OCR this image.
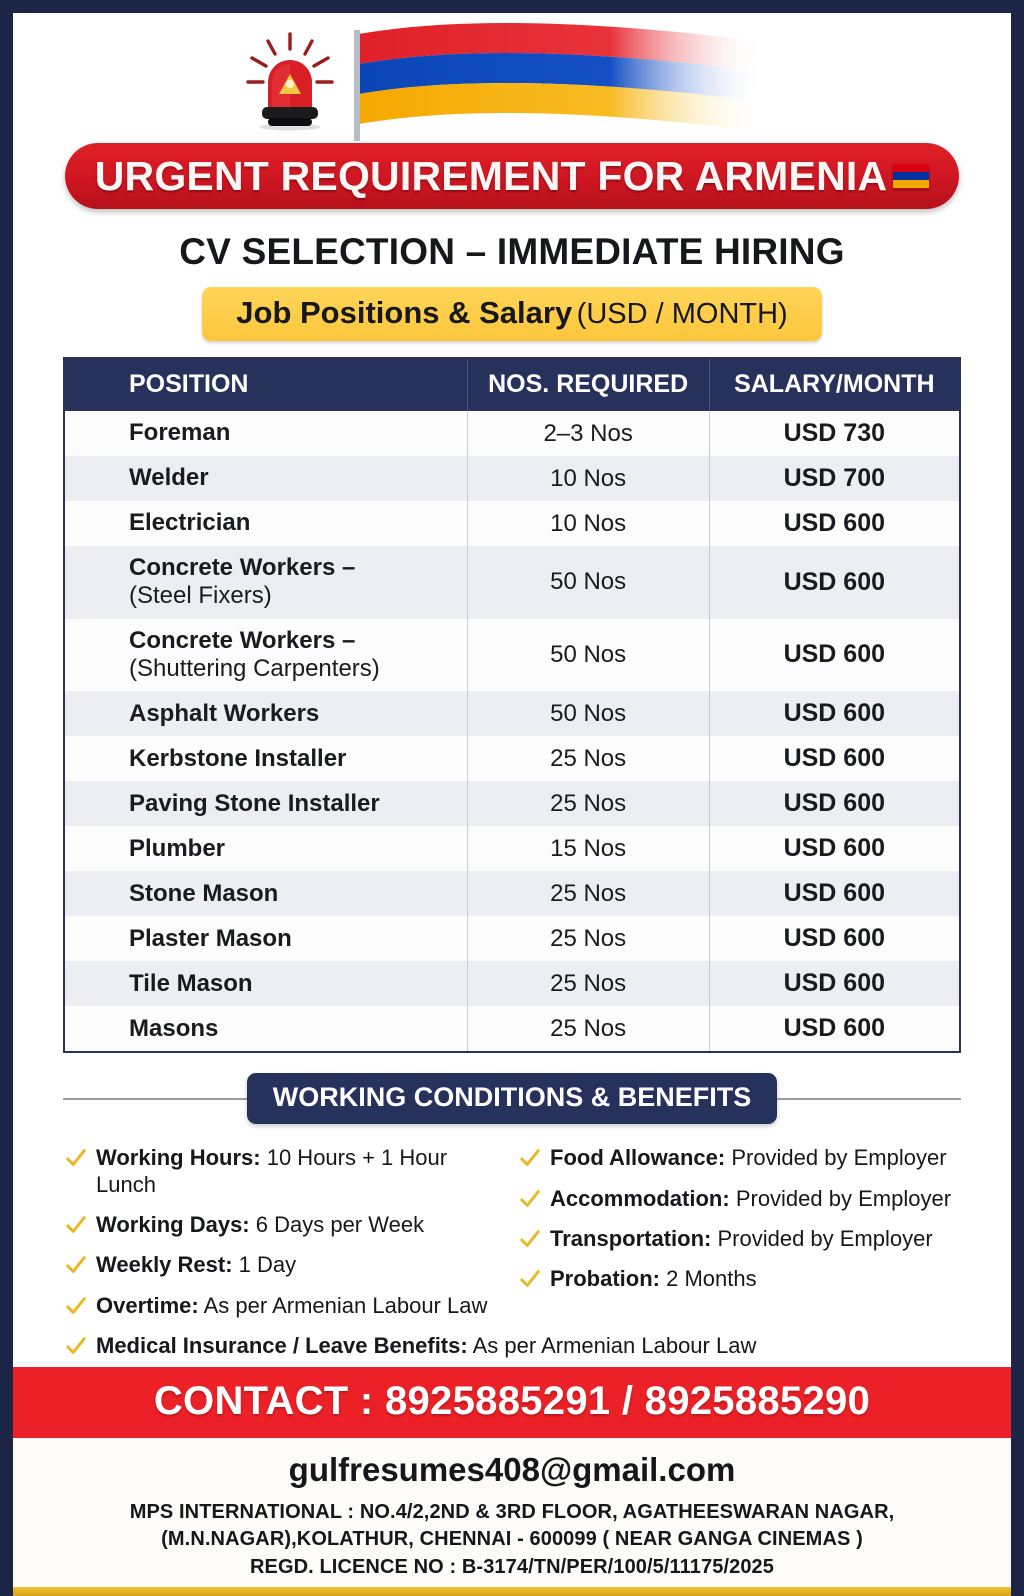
URGENT REQUIREMENT FOR ARMENIA
CV SELECTION – IMMEDIATE HIRING
Job Positions & Salary (USD / MONTH)
POSITION	NOS. REQUIRED	SALARY/MONTH
Foreman	2–3 Nos	USD 730
Welder	10 Nos	USD 700
Electrician	10 Nos	USD 600
Concrete Workers –
(Steel Fixers)	50 Nos	USD 600
Concrete Workers –
(Shuttering Carpenters)	50 Nos	USD 600
Asphalt Workers	50 Nos	USD 600
Kerbstone Installer	25 Nos	USD 600
Paving Stone Installer	25 Nos	USD 600
Plumber	15 Nos	USD 600
Stone Mason	25 Nos	USD 600
Plaster Mason	25 Nos	USD 600
Tile Mason	25 Nos	USD 600
Masons	25 Nos	USD 600
WORKING CONDITIONS & BENEFITS
Working Hours: 10 Hours + 1 Hour Lunch
Working Days: 6 Days per Week
Weekly Rest: 1 Day
Overtime: As per Armenian Labour Law
Food Allowance: Provided by Employer
Accommodation: Provided by Employer
Transportation: Provided by Employer
Probation: 2 Months
Medical Insurance / Leave Benefits: As per Armenian Labour Law
CONTACT : 8925885291 / 8925885290
gulfresumes408@gmail.com
MPS INTERNATIONAL : NO.4/2,2ND & 3RD FLOOR, AGATHEESWARAN NAGAR,
(M.N.NAGAR),KOLATHUR, CHENNAI - 600099 ( NEAR GANGA CINEMAS )
REGD. LICENCE NO : B-3174/TN/PER/100/5/11175/2025
